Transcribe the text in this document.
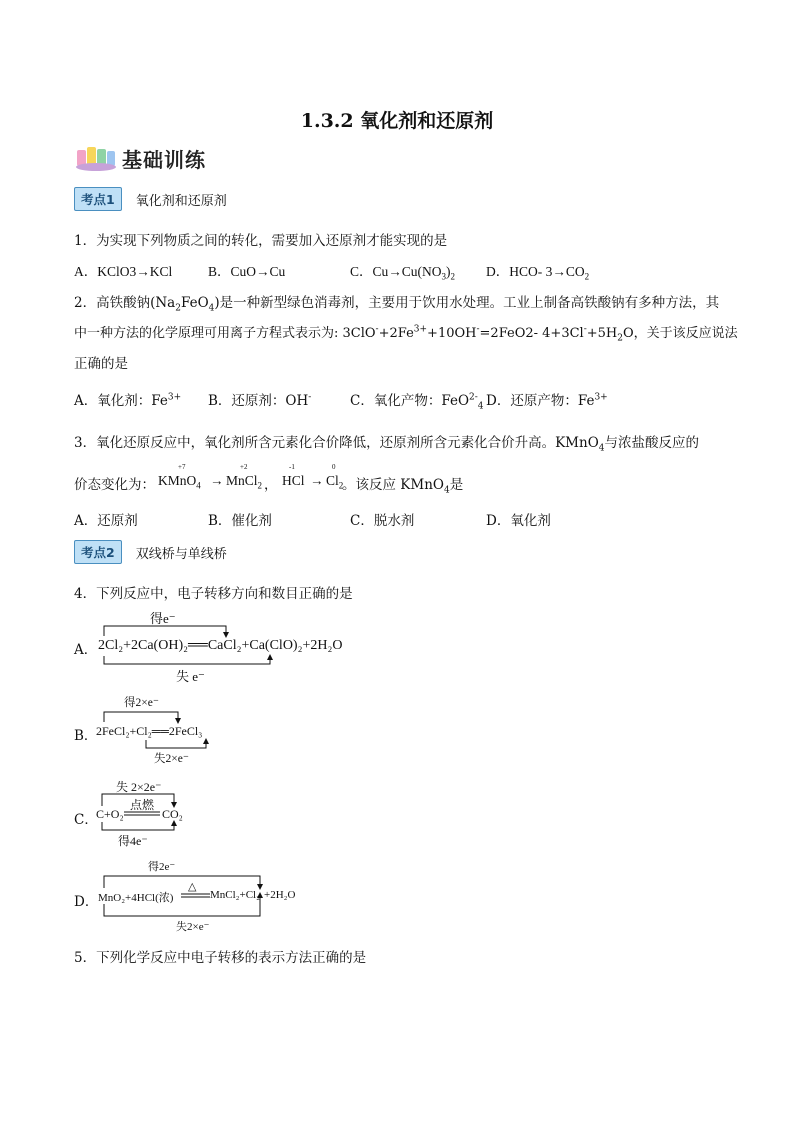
1.3.2 氧化剂和还原剂
基础训练
考点1	氧化剂和还原剂
1．为实现下列物质之间的转化，需要加入还原剂才能实现的是
A．KClO3→KCl	B．CuO→Cu	C．$Cu\to Cu(NO_3)_2$ D．HCO- $3\to CO_2$
2．高铁酸钠$(Na_2FeO_4)$是一种新型绿色消毒剂，主要用于饮用水处理。工业上制备高铁酸钠有多种方法，其
中一种方法的化学原理可用离子方程式表示为: $3ClO^-+2Fe^{3+}+10OH^-=2FeO2-$ $4+3Cl^-+5H_2O$，关于该反应说法
正确的是
A．氧化剂：$Fe^{3+}$ B．还原剂：OH-	C．氧化产物：FeO$^{2-}_4$ D．还原产物：$Fe^{3+}$
3．氧化还原反应中，氧化剂所含元素化合价降低，还原剂所含元素化合价升高。KMnO$_4$与浓盐酸反应的
价态变化为：
+7	+2	-1	0
KMnO$_4$ → MnCl$_2$ ， HCl → $Cl_2$
。该反应 KMnO$_4$是
A．还原剂	B．催化剂	C．脱水剂	D．氧化剂
考点2	双线桥与单线桥
4．下列反应中，电子转移方向和数目正确的是
A．
得e⁻
2Cl₂+2Ca(OH)₂══CaCl₂+Ca(ClO)₂+2H₂O
失 e⁻
B．
得2×e⁻
2FeCl₂+Cl₂══2FeCl₃
失2×e⁻
C．
失 2×2e⁻
C+O₂
点燃
CO₂
得4e⁻
D．
得2e⁻
MnO₂+4HCl(浓)
△
MnCl₂+Cl₂ +2H₂O
失2×e⁻
5．下列化学反应中电子转移的表示方法正确的是
